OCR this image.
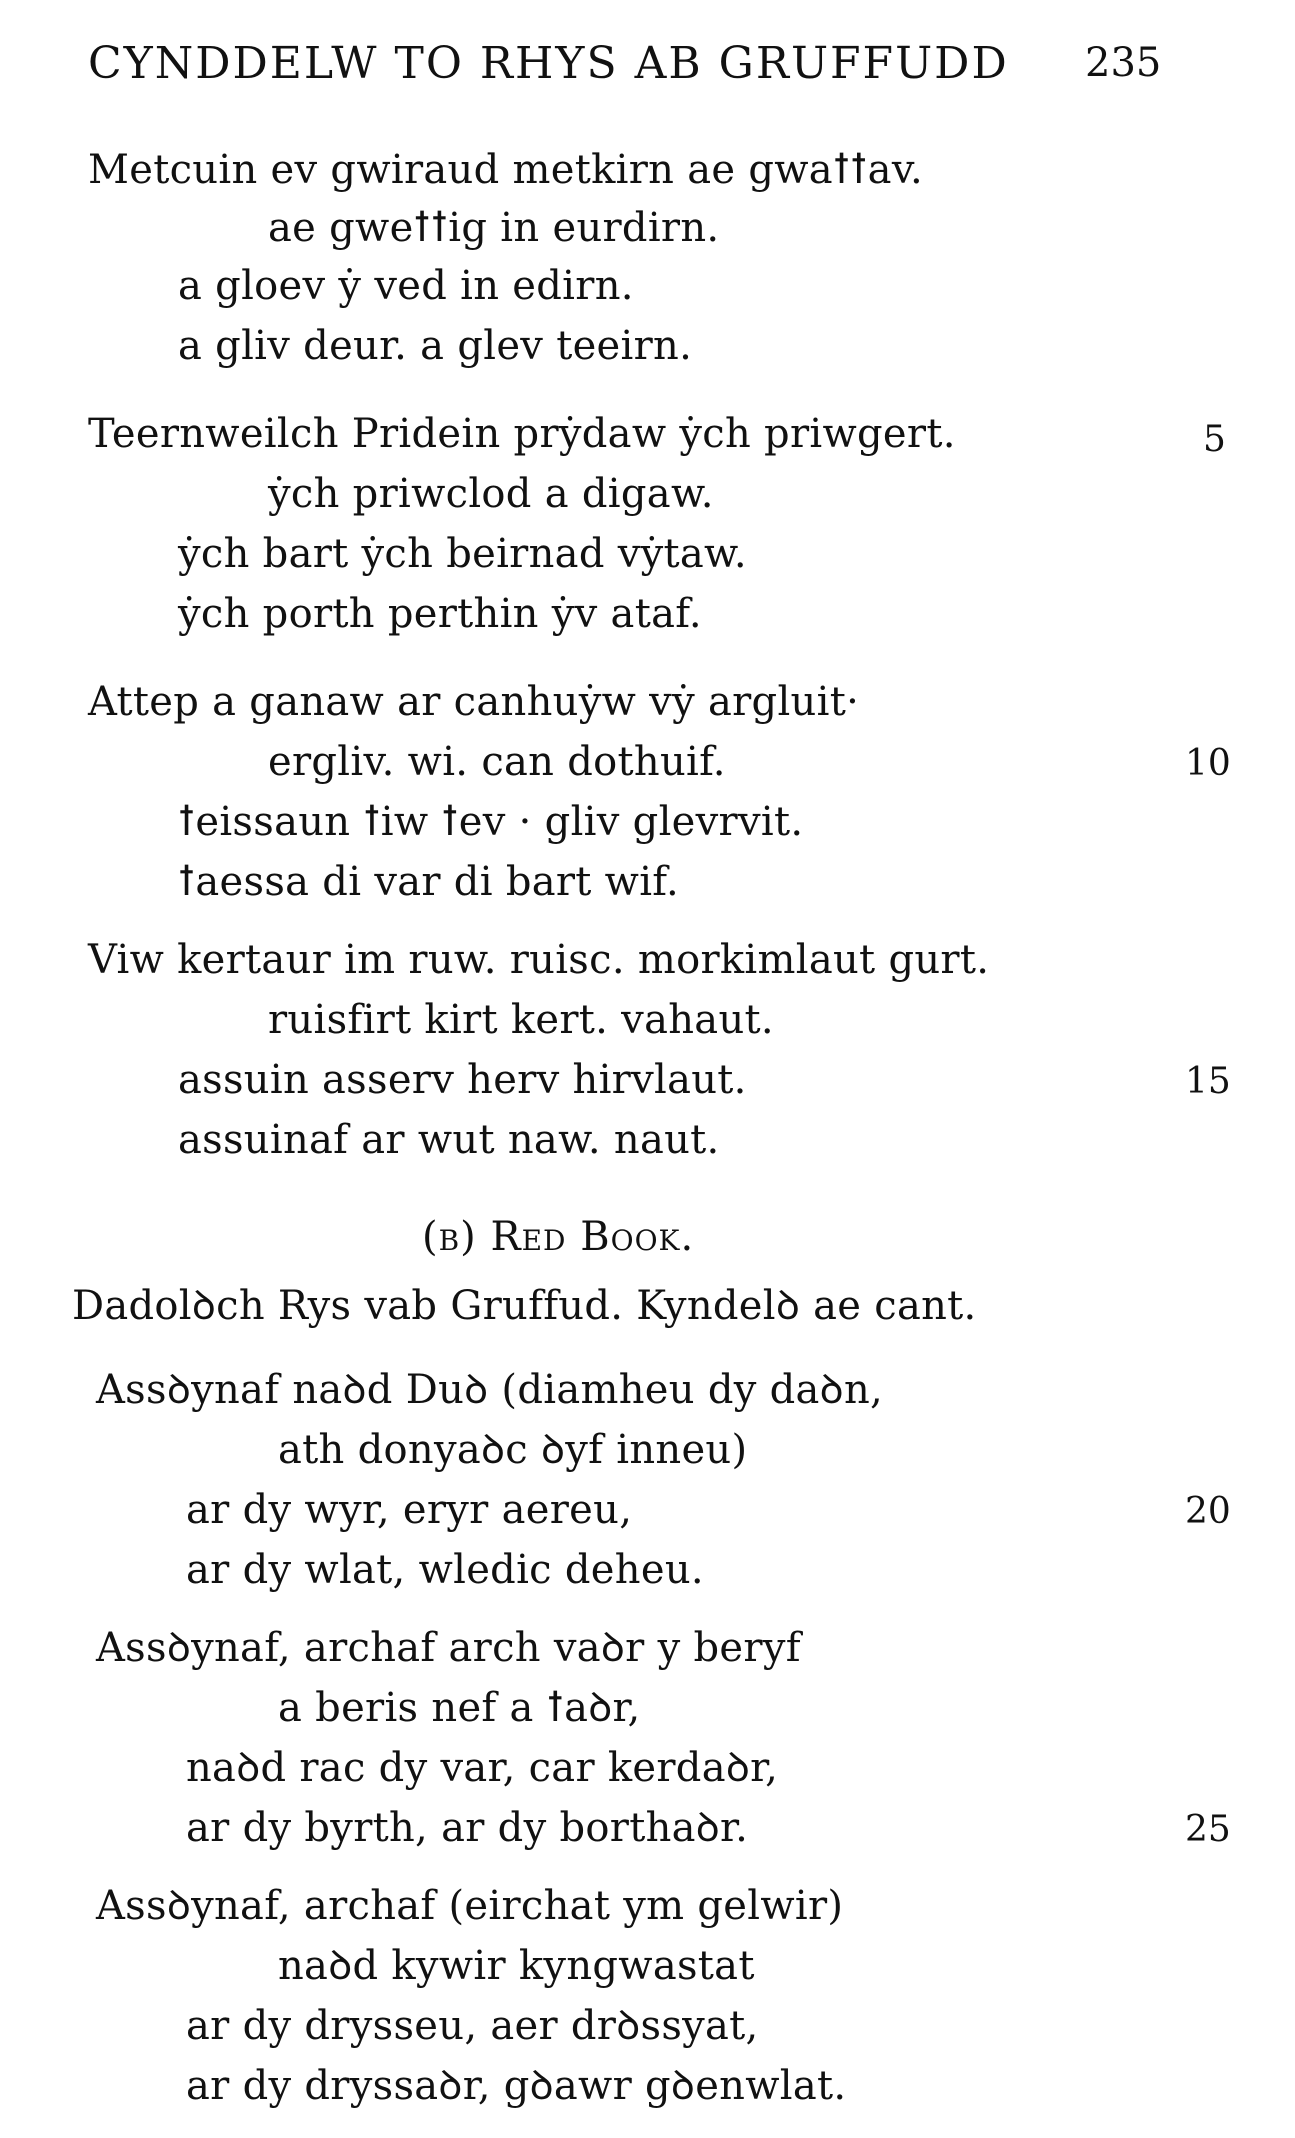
CYNDDELW TO RHYS AB GRUFFUDD 235
Metcuin ev gwiraud metkirn ae gwaꝉꝉav.
ae gweꝉꝉig in eurdirn.
a gloev ẏ ved in edirn.
a gliv deur. a glev teeirn.
Teernweilch Pridein prẏdaw ẏch priwgert.	5
ẏch priwclod a digaw.
ẏch bart ẏch beirnad vẏtaw.
ẏch porth perthin ẏv ataf.
Attep a ganaw ar canhuẏw vẏ argluit·
ergliv. wi. can dothuif.	10
ꝉeissaun ꝉiw ꝉev · gliv glevrvit.
ꝉaessa di var di bart wif.
Viw kertaur im ruw. ruisc. morkimlaut gurt.
ruisfirt kirt kert. vahaut.
assuin asserv herv hirvlaut.	15
assuinaf ar wut naw. naut.
(b) Red Book.
Dadolꝺch Rys vab Gruffud. Kyndelꝺ ae cant.
Assꝺynaf naꝺd Duꝺ (diamheu dy daꝺn,
ath donyaꝺc ꝺyf inneu)
ar dy wyr, eryr aereu,	20
ar dy wlat, wledic deheu.
Assꝺynaf, archaf arch vaꝺr y beryf
a beris nef a ꝉaꝺr,
naꝺd rac dy var, car kerdaꝺr,
ar dy byrth, ar dy borthaꝺr.	25
Assꝺynaf, archaf (eirchat ym gelwir)
naꝺd kywir kyngwastat
ar dy drysseu, aer drꝺssyat,
ar dy dryssaꝺr, gꝺawr gꝺenwlat.
